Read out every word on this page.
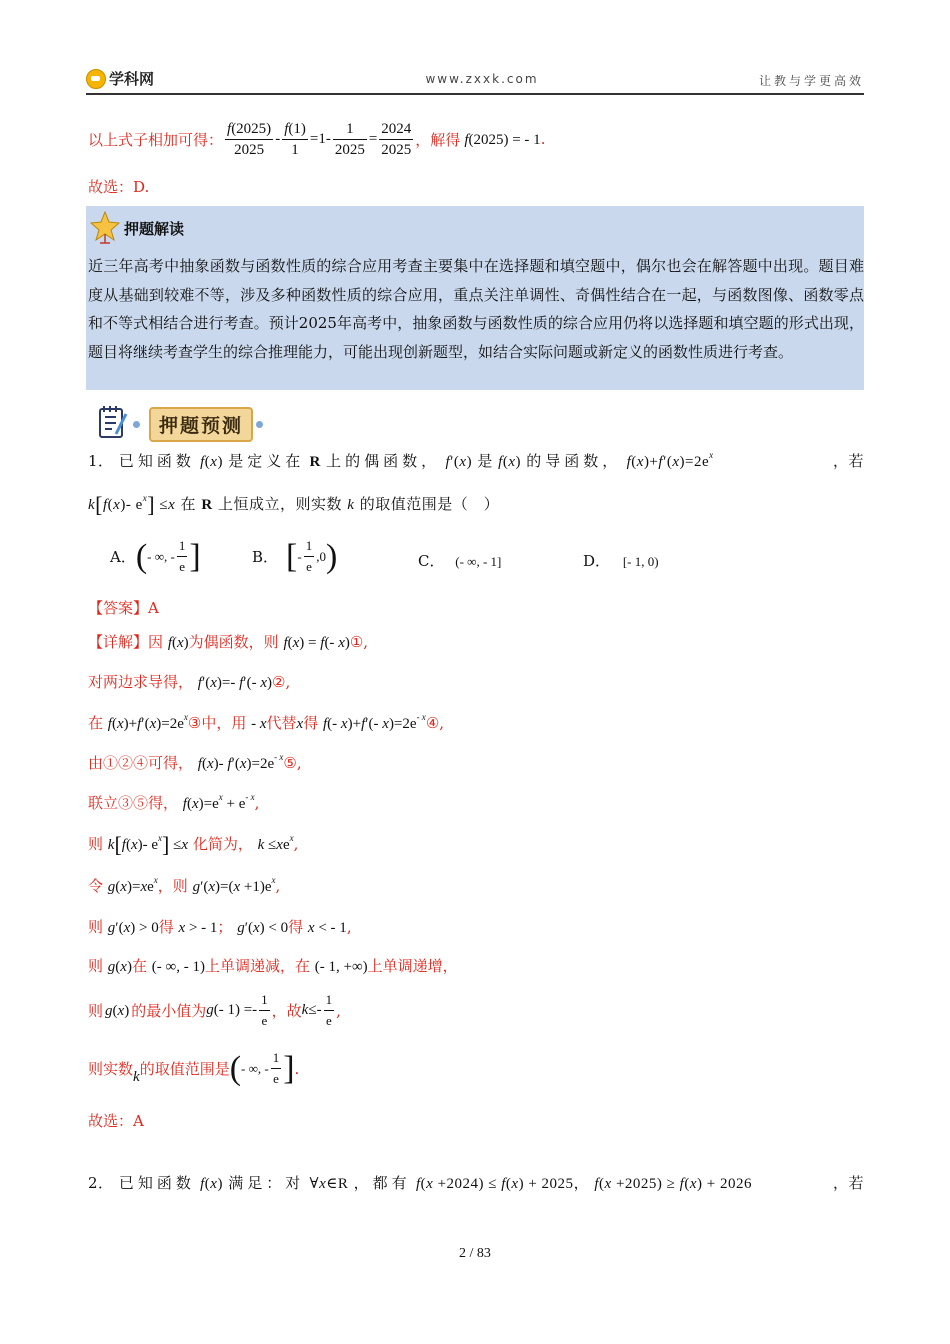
学科网	www.zxxk.com	让教与学更高效
以上式子相加可得： $\frac{f(2025)}{2025} - \frac{f(1)}{1} =1- \frac{1}{2025} = \frac{2024}{2025}$ ，解得 f(2025) = - 1 .
故选：D.
押题解读
近三年高考中抽象函数与函数性质的综合应用考查主要集中在选择题和填空题中，偶尔也会在解答题中出现。题目难度从基础到较难不等，涉及多种函数性质的综合应用，重点关注单调性、奇偶性结合在一起，与函数图像、函数零点和不等式相结合进行考查。预计2025年高考中，抽象函数与函数性质的综合应用仍将以选择题和填空题的形式出现，题目将继续考查学生的综合推理能力，可能出现创新题型，如结合实际问题或新定义的函数性质进行考查。
押题预测
1． 已知函数 f(x) 是定义在 R 上的偶函数， f′(x) 是 f(x) 的导函数， $f(x)+f'(x)=2e^x$	，若
k[f(x)- $e^x] \le x$ 在 R 上恒成立，则实数 k 的取值范围是（　）
A． ( - ∞, - $\frac{1}{e}$ ]	B． [ - $\frac{1}{e} ,0$ )	C． (- ∞, - 1]	D． [- 1, 0)
【答案】A
【详解】因 f(x)为偶函数，则 f(x) = f(- x)①,
对两边求导得， f′(x)=- f′(- x)②,
在 $f(x)+f'(x)=2e^x③$中，用 - x代替x得 f(- x)+f′(- $x)=2e^{- x}④$,
由①②④可得， f(x)- $f'(x)=2e^{- x}⑤$,
联立③⑤得， $f(x)=e^x + e^{- x}$,
则 k[f(x)- $e^x] \le x$ 化简为， $k \le xe^x$,
令 $g(x)=xe^x$，则 $g'(x)=(x +1)e^x$,
则 g′(x) > 0得 x > - 1； g′(x) < 0得 x < - 1,
则 g(x)在 (- ∞, - 1)上单调递减，在 (- 1, +∞)上单调递增，
则 g(x) 的最小值为 g (- $1) =- \frac{1}{e}$ ，故 $k \le- \frac{1}{e}$ ,
则实数 k 的取值范围是 ( - ∞, - $\frac{1}{e}$ ] .
故选：A
2． 已知函数 f(x) 满足：对 ∀x∈R ，都有 f(x +2024) ≤ f(x) + 2025， f(x +2025) ≥ f(x) + 2026	，若
2 / 83
